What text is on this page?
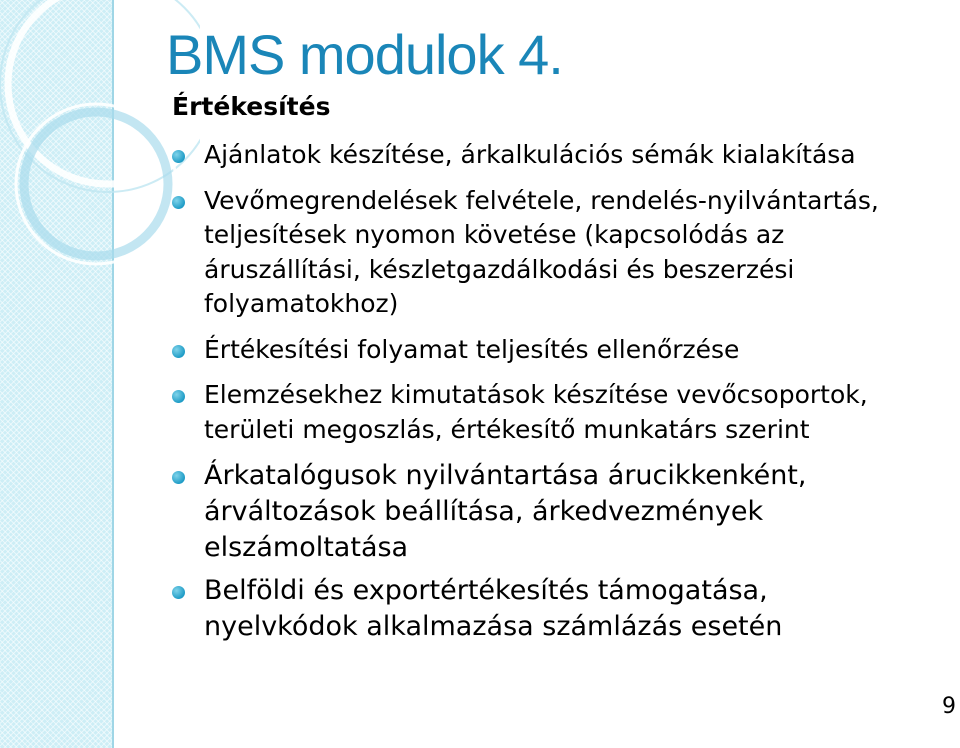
BMS modulok 4.
Értékesítés
Ajánlatok készítése, árkalkulációs sémák kialakítása
Vevőmegrendelések felvétele, rendelés-nyilvántartás, teljesítések nyomon követése (kapcsolódás az áruszállítási, készletgazdálkodási és beszerzési folyamatokhoz)
Értékesítési folyamat teljesítés ellenőrzése
Elemzésekhez kimutatások készítése vevőcsoportok, területi megoszlás, értékesítő munkatárs szerint
Árkatalógusok nyilvántartása árucikkenként, árváltozások beállítása, árkedvezmények elszámoltatása
Belföldi és exportértékesítés támogatása, nyelvkódok alkalmazása számlázás esetén
9
